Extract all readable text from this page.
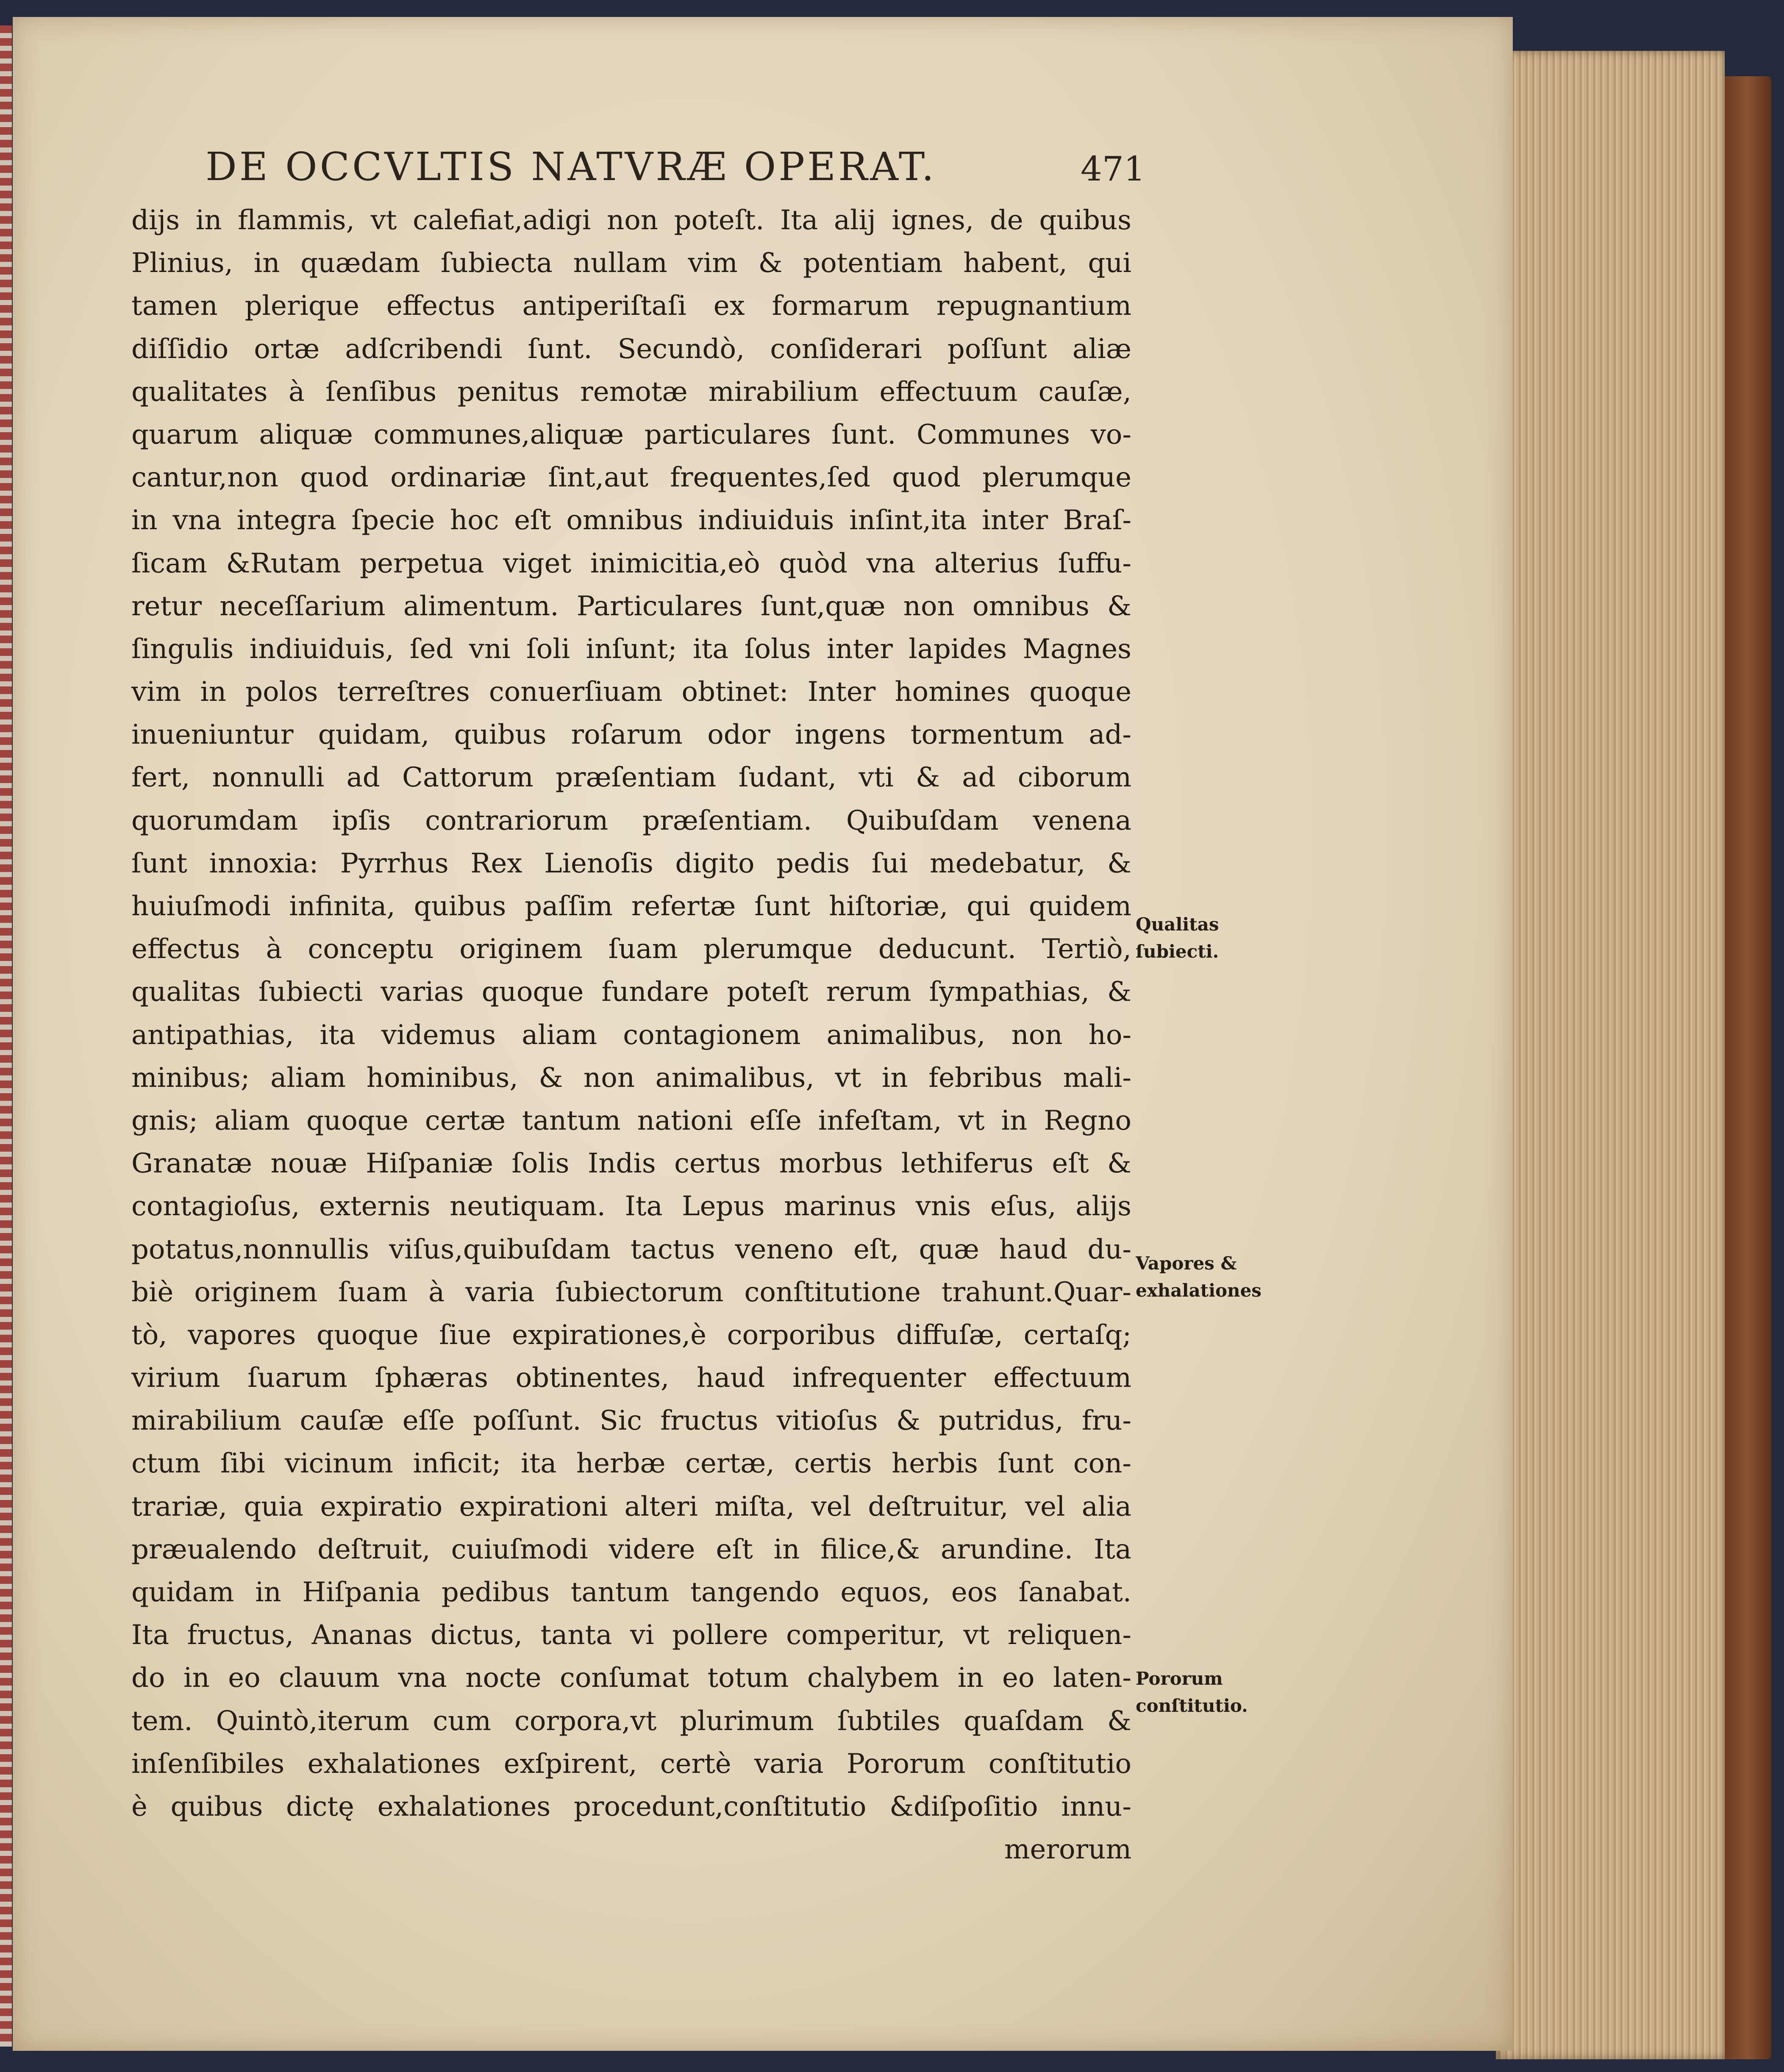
DE OCCVLTIS NATVRÆ OPERAT.	471
dijs in flammis, vt calefiat,adigi non poteſt. Ita alij ignes, de quibus
Plinius, in quædam ſubiecta nullam vim & potentiam habent, qui
tamen plerique effectus antiperiſtaſi ex formarum repugnantium
diſſidio ortæ adſcribendi ſunt. Secundò, conſiderari poſſunt aliæ
qualitates à ſenſibus penitus remotæ mirabilium effectuum cauſæ,
quarum aliquæ communes,aliquæ particulares ſunt. Communes vo-
cantur,non quod ordinariæ ſint,aut frequentes,ſed quod plerumque
in vna integra ſpecie hoc eſt omnibus indiuiduis inſint,ita inter Braſ-
ſicam &Rutam perpetua viget inimicitia,eò quòd vna alterius ſuffu-
retur neceſſarium alimentum. Particulares ſunt,quæ non omnibus &
ſingulis indiuiduis, ſed vni ſoli inſunt; ita ſolus inter lapides Magnes
vim in polos terreſtres conuerſiuam obtinet: Inter homines quoque
inueniuntur quidam, quibus roſarum odor ingens tormentum ad-
fert, nonnulli ad Cattorum præſentiam ſudant, vti & ad ciborum
quorumdam ipſis contrariorum præſentiam. Quibuſdam venena
ſunt innoxia: Pyrrhus Rex Lienoſis digito pedis ſui medebatur, &
huiuſmodi infinita, quibus paſſim refertæ ſunt hiſtoriæ, qui quidem
effectus à conceptu originem ſuam plerumque deducunt. Tertiò,
qualitas ſubiecti varias quoque fundare poteſt rerum ſympathias, &
antipathias, ita videmus aliam contagionem animalibus, non ho-
minibus; aliam hominibus, & non animalibus, vt in febribus mali-
gnis; aliam quoque certæ tantum nationi eſſe infeſtam, vt in Regno
Granatæ nouæ Hiſpaniæ ſolis Indis certus morbus lethiferus eſt &
contagioſus, externis neutiquam. Ita Lepus marinus vnis eſus, alijs
potatus,nonnullis viſus,quibuſdam tactus veneno eſt, quæ haud du-
biè originem ſuam à varia ſubiectorum conſtitutione trahunt.Quar-
tò, vapores quoque ſiue expirationes,è corporibus diffuſæ, certaſq;
virium ſuarum ſphæras obtinentes, haud infrequenter effectuum
mirabilium cauſæ eſſe poſſunt. Sic fructus vitioſus & putridus, fru-
ctum ſibi vicinum inficit; ita herbæ certæ, certis herbis ſunt con-
trariæ, quia expiratio expirationi alteri miſta, vel deſtruitur, vel alia
præualendo deſtruit, cuiuſmodi videre eſt in filice,& arundine. Ita
quidam in Hiſpania pedibus tantum tangendo equos, eos ſanabat.
Ita fructus, Ananas dictus, tanta vi pollere comperitur, vt reliquen-
do in eo clauum vna nocte conſumat totum chalybem in eo laten-
tem. Quintò,iterum cum corpora,vt plurimum ſubtiles quaſdam &
inſenſibiles exhalationes exſpirent, certè varia Pororum conſtitutio
è quibus dictę exhalationes procedunt,conſtitutio &diſpoſitio innu-
merorum
Qualitas
ſubiecti.
Vapores &
exhalationes
Pororum
conſtitutio.
